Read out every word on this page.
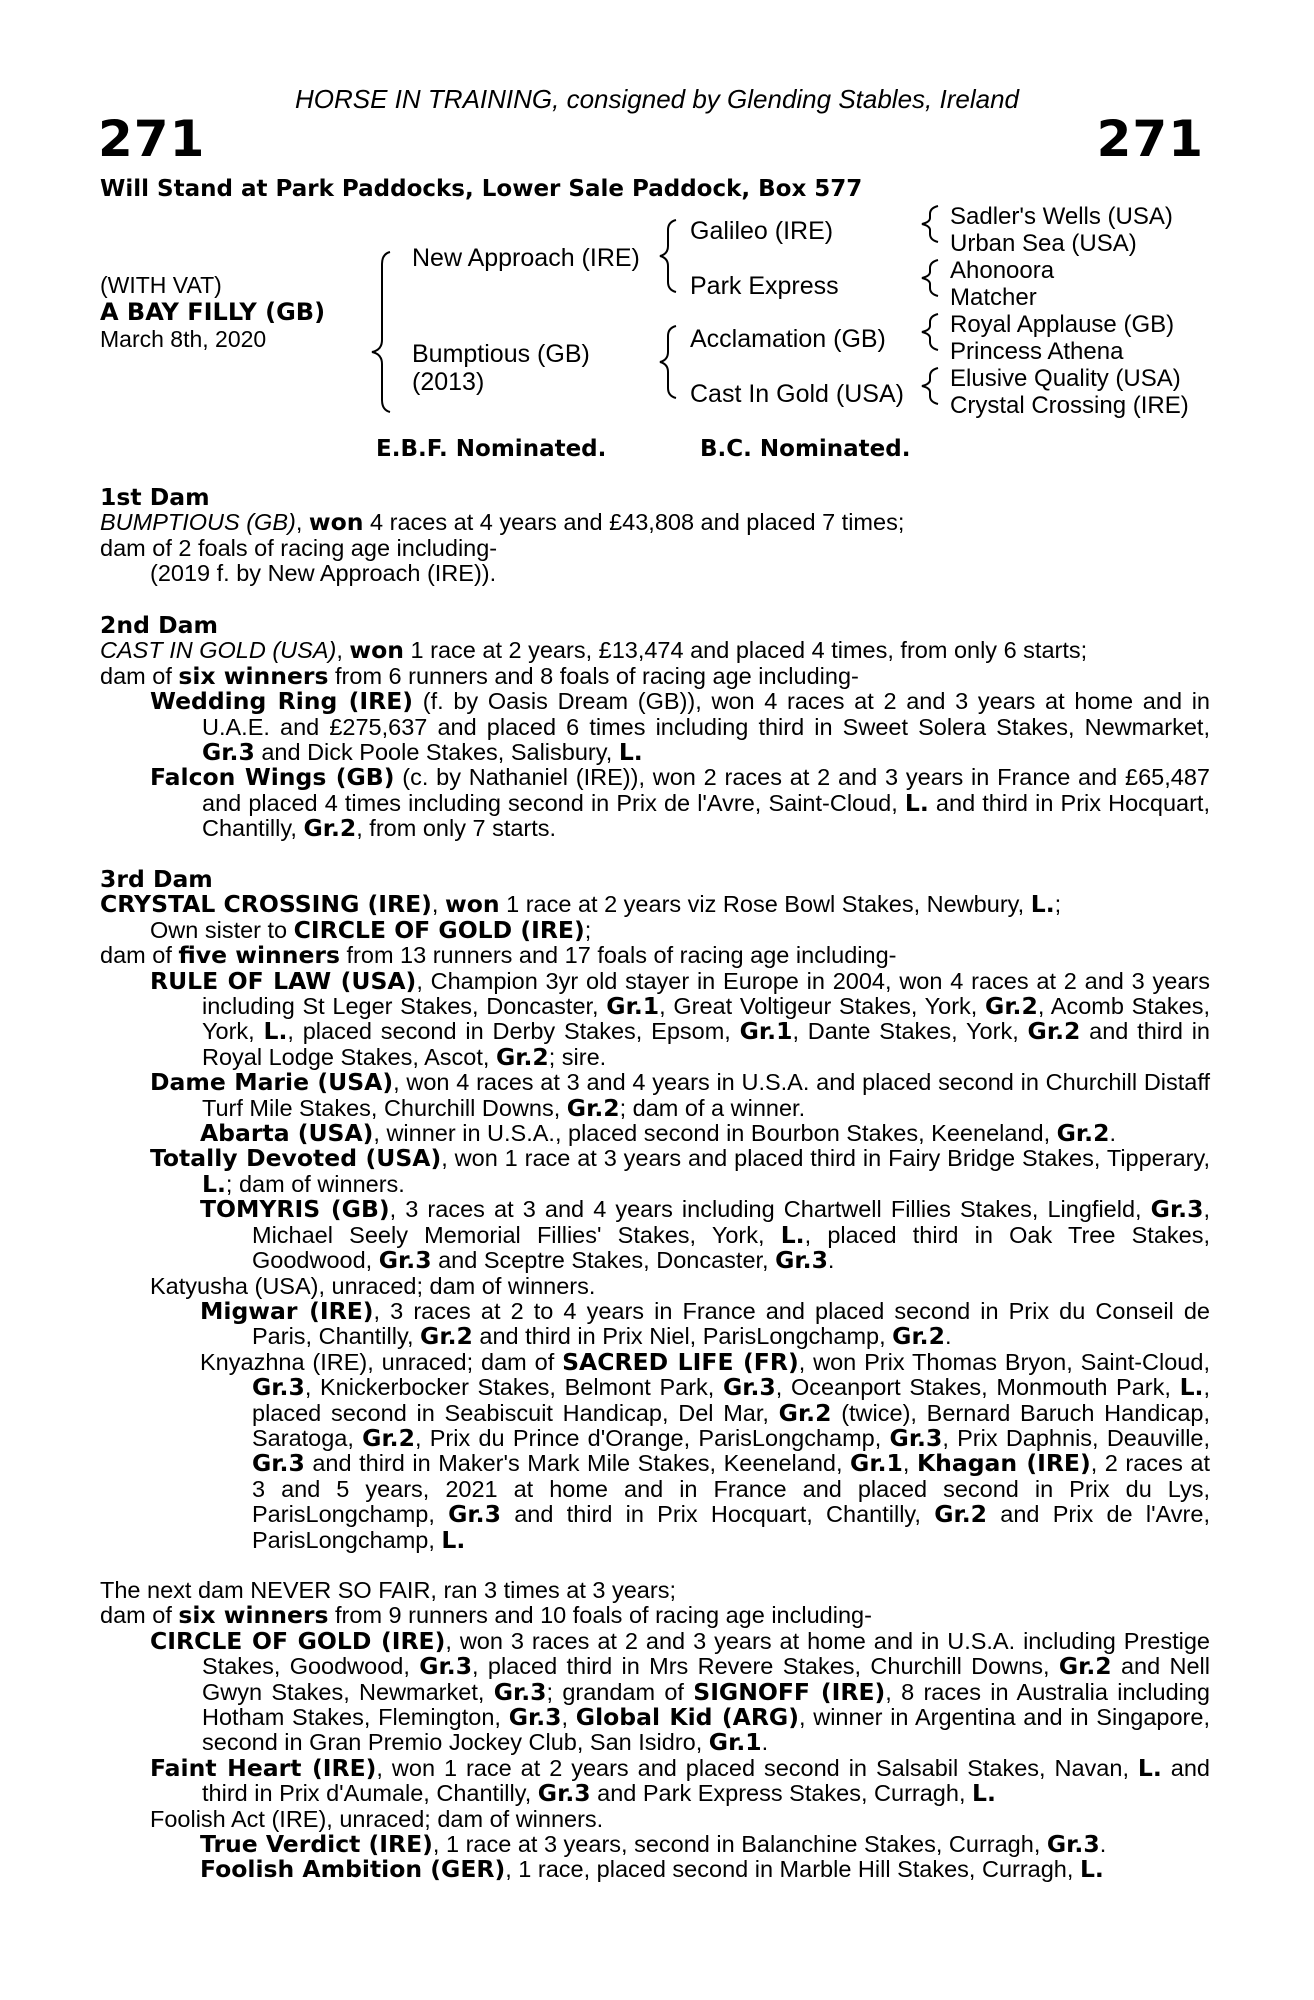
HORSE IN TRAINING, consigned by Glending Stables, Ireland
271	271
Will Stand at Park Paddocks, Lower Sale Paddock, Box 577
(WITH VAT)
A BAY FILLY (GB)
March 8th, 2020
New Approach (IRE)
Bumptious (GB)
(2013)
Galileo (IRE)
Park Express
Acclamation (GB)
Cast In Gold (USA)
Sadler's Wells (USA)
Urban Sea (USA)
Ahonoora
Matcher
Royal Applause (GB)
Princess Athena
Elusive Quality (USA)
Crystal Crossing (IRE)
E.B.F. Nominated.	B.C. Nominated.

1st Dam

BUMPTIOUS (GB), won 4 races at 4 years and £43,808 and placed 7 times;

dam of 2 foals of racing age including-

(2019 f. by New Approach (IRE)).

2nd Dam

CAST IN GOLD (USA), won 1 race at 2 years, £13,474 and placed 4 times, from only 6 starts;

dam of six winners from 6 runners and 8 foals of racing age including-

Wedding Ring (IRE) (f. by Oasis Dream (GB)), won 4 races at 2 and 3 years at home and in U.A.E. and £275,637 and placed 6 times including third in Sweet Solera Stakes, Newmarket, Gr.3 and Dick Poole Stakes, Salisbury, L.

Falcon Wings (GB) (c. by Nathaniel (IRE)), won 2 races at 2 and 3 years in France and £65,487 and placed 4 times including second in Prix de l'Avre, Saint-Cloud, L. and third in Prix Hocquart, Chantilly, Gr.2, from only 7 starts.

3rd Dam

CRYSTAL CROSSING (IRE), won 1 race at 2 years viz Rose Bowl Stakes, Newbury, L.;

Own sister to CIRCLE OF GOLD (IRE);

dam of five winners from 13 runners and 17 foals of racing age including-

RULE OF LAW (USA), Champion 3yr old stayer in Europe in 2004, won 4 races at 2 and 3 years including St Leger Stakes, Doncaster, Gr.1, Great Voltigeur Stakes, York, Gr.2, Acomb Stakes, York, L., placed second in Derby Stakes, Epsom, Gr.1, Dante Stakes, York, Gr.2 and third in Royal Lodge Stakes, Ascot, Gr.2; sire.

Dame Marie (USA), won 4 races at 3 and 4 years in U.S.A. and placed second in Churchill Distaff Turf Mile Stakes, Churchill Downs, Gr.2; dam of a winner.

Abarta (USA), winner in U.S.A., placed second in Bourbon Stakes, Keeneland, Gr.2.

Totally Devoted (USA), won 1 race at 3 years and placed third in Fairy Bridge Stakes, Tipperary, L.; dam of winners.

TOMYRIS (GB), 3 races at 3 and 4 years including Chartwell Fillies Stakes, Lingfield, Gr.3, Michael Seely Memorial Fillies' Stakes, York, L., placed third in Oak Tree Stakes, Goodwood, Gr.3 and Sceptre Stakes, Doncaster, Gr.3.

Katyusha (USA), unraced; dam of winners.

Migwar (IRE), 3 races at 2 to 4 years in France and placed second in Prix du Conseil de Paris, Chantilly, Gr.2 and third in Prix Niel, ParisLongchamp, Gr.2.

Knyazhna (IRE), unraced; dam of SACRED LIFE (FR), won Prix Thomas Bryon, Saint-Cloud, Gr.3, Knickerbocker Stakes, Belmont Park, Gr.3, Oceanport Stakes, Monmouth Park, L., placed second in Seabiscuit Handicap, Del Mar, Gr.2 (twice), Bernard Baruch Handicap, Saratoga, Gr.2, Prix du Prince d'Orange, ParisLongchamp, Gr.3, Prix Daphnis, Deauville, Gr.3 and third in Maker's Mark Mile Stakes, Keeneland, Gr.1, Khagan (IRE), 2 races at 3 and 5 years, 2021 at home and in France and placed second in Prix du Lys, ParisLongchamp, Gr.3 and third in Prix Hocquart, Chantilly, Gr.2 and Prix de l'Avre, ParisLongchamp, L.

The next dam NEVER SO FAIR, ran 3 times at 3 years;

dam of six winners from 9 runners and 10 foals of racing age including-

CIRCLE OF GOLD (IRE), won 3 races at 2 and 3 years at home and in U.S.A. including Prestige Stakes, Goodwood, Gr.3, placed third in Mrs Revere Stakes, Churchill Downs, Gr.2 and Nell Gwyn Stakes, Newmarket, Gr.3; grandam of SIGNOFF (IRE), 8 races in Australia including Hotham Stakes, Flemington, Gr.3, Global Kid (ARG), winner in Argentina and in Singapore, second in Gran Premio Jockey Club, San Isidro, Gr.1.

Faint Heart (IRE), won 1 race at 2 years and placed second in Salsabil Stakes, Navan, L. and third in Prix d'Aumale, Chantilly, Gr.3 and Park Express Stakes, Curragh, L.

Foolish Act (IRE), unraced; dam of winners.

True Verdict (IRE), 1 race at 3 years, second in Balanchine Stakes, Curragh, Gr.3.

Foolish Ambition (GER), 1 race, placed second in Marble Hill Stakes, Curragh, L.
